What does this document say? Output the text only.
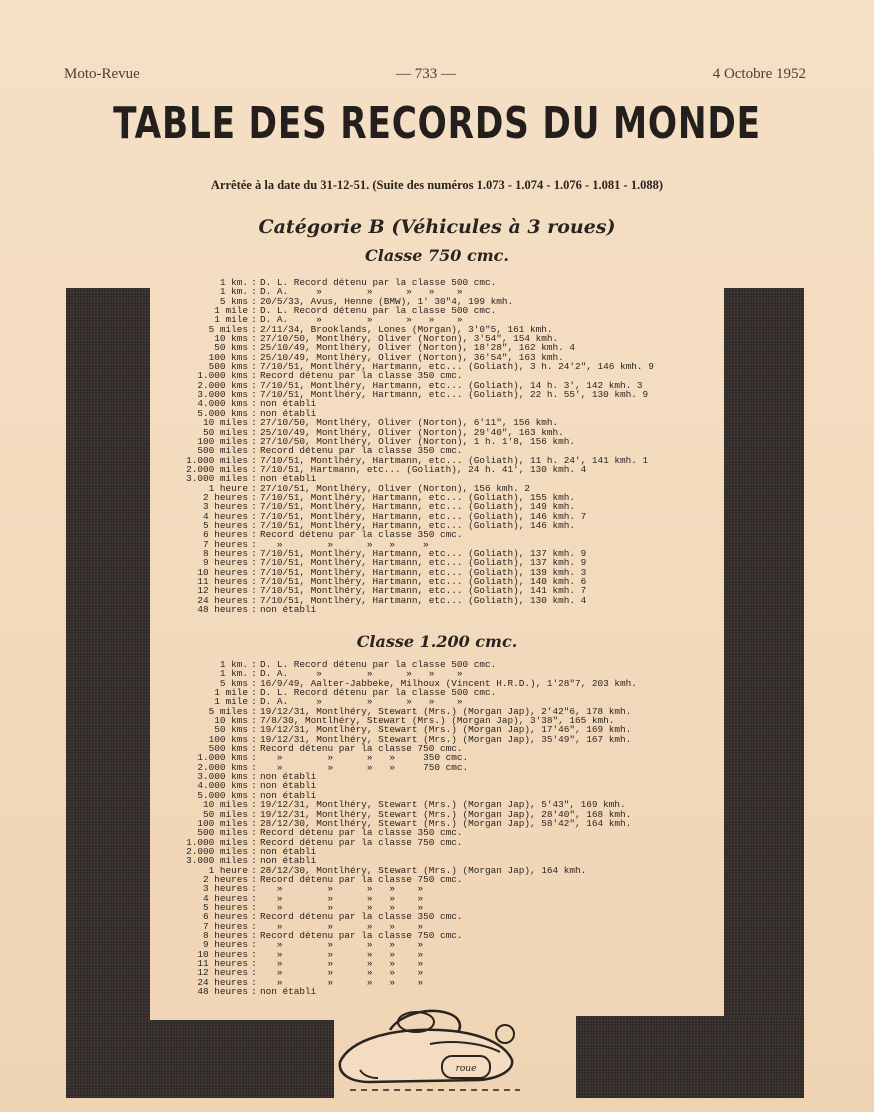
Moto-Revue	— 733 —	4 Octobre 1952
TABLE DES RECORDS DU MONDE
Arrêtée à la date du 31-12-51. (Suite des numéros 1.073 - 1.074 - 1.076 - 1.081 - 1.088)
Catégorie B (Véhicules à 3 roues)
Classe 750 cmc.
1 km. : D. L. Record détenu par la classe 500 cmc.
1 km. : D. A.     »        »      »   »    »
5 kms : 20/5/33, Avus, Henne (BMW), 1' 30"4, 199 kmh.
1 mile : D. L. Record détenu par la classe 500 cmc.
1 mile : D. A.     »        »      »   »    »
5 miles : 2/11/34, Brooklands, Lones (Morgan), 3'0"5, 161 kmh.
10 kms : 27/10/50, Montlhéry, Oliver (Norton), 3'54", 154 kmh.
50 kms : 25/10/49, Montlhéry, Oliver (Norton), 18'28", 162 kmh. 4
100 kms : 25/10/49, Montlhéry, Oliver (Norton), 36'54", 163 kmh.
500 kms : 7/10/51, Montlhéry, Hartmann, etc... (Goliath), 3 h. 24'2", 146 kmh. 9
1.000 kms : Record détenu par la classe 350 cmc.
2.000 kms : 7/10/51, Montlhéry, Hartmann, etc... (Goliath), 14 h. 3', 142 kmh. 3
3.000 kms : 7/10/51, Montlhéry, Hartmann, etc... (Goliath), 22 h. 55', 130 kmh. 9
4.000 kms : non établi
5.000 kms : non établi
10 miles : 27/10/50, Montlhéry, Oliver (Norton), 6'11", 156 kmh.
50 miles : 25/10/49, Montlhéry, Oliver (Norton), 29'40", 163 kmh.
100 miles : 27/10/50, Montlhéry, Oliver (Norton), 1 h. 1'8, 156 kmh.
500 miles : Record détenu par la classe 350 cmc.
1.000 miles : 7/10/51, Montlhéry, Hartmann, etc... (Goliath), 11 h. 24', 141 kmh. 1
2.000 miles : 7/10/51, Hartmann, etc... (Goliath), 24 h. 41', 130 kmh. 4
3.000 miles : non établi
1 heure : 27/10/51, Montlhéry, Oliver (Norton), 156 kmh. 2
2 heures : 7/10/51, Montlhéry, Hartmann, etc... (Goliath), 155 kmh.
3 heures : 7/10/51, Montlhéry, Hartmann, etc... (Goliath), 149 kmh.
4 heures : 7/10/51, Montlhéry, Hartmann, etc... (Goliath), 146 kmh. 7
5 heures : 7/10/51, Montlhéry, Hartmann, etc... (Goliath), 146 kmh.
6 heures : Record détenu par la classe 350 cmc.
7 heures :   »        »      »   »     »
8 heures : 7/10/51, Montlhéry, Hartmann, etc... (Goliath), 137 kmh. 9
9 heures : 7/10/51, Montlhéry, Hartmann, etc... (Goliath), 137 kmh. 9
10 heures : 7/10/51, Montlhéry, Hartmann, etc... (Goliath), 139 kmh. 3
11 heures : 7/10/51, Montlhéry, Hartmann, etc... (Goliath), 140 kmh. 6
12 heures : 7/10/51, Montlhéry, Hartmann, etc... (Goliath), 141 kmh. 7
24 heures : 7/10/51, Montlhéry, Hartmann, etc... (Goliath), 130 kmh. 4
48 heures : non établi
Classe 1.200 cmc.
1 km. : D. L. Record détenu par la classe 500 cmc.
1 km. : D. A.     »        »      »   »    »
5 kms : 16/9/49, Aalter-Jabbeke, Milhoux (Vincent H.R.D.), 1'28"7, 203 kmh.
1 mile : D. L. Record détenu par la classe 500 cmc.
1 mile : D. A.     »        »      »   »    »
5 miles : 19/12/31, Montlhéry, Stewart (Mrs.) (Morgan Jap), 2'42"6, 178 kmh.
10 kms : 7/8/30, Montlhéry, Stewart (Mrs.) (Morgan Jap), 3'38", 165 kmh.
50 kms : 19/12/31, Montlhéry, Stewart (Mrs.) (Morgan Jap), 17'46", 169 kmh.
100 kms : 19/12/31, Montlhéry, Stewart (Mrs.) (Morgan Jap), 35'49", 167 kmh.
500 kms : Record détenu par la classe 750 cmc.
1.000 kms :   »        »      »   »     350 cmc.
2.000 kms :   »        »      »   »     750 cmc.
3.000 kms : non établi
4.000 kms : non établi
5.000 kms : non établi
10 miles : 19/12/31, Montlhéry, Stewart (Mrs.) (Morgan Jap), 5'43", 169 kmh.
50 miles : 19/12/31, Montlhéry, Stewart (Mrs.) (Morgan Jap), 28'40", 168 kmh.
100 miles : 28/12/30, Montlhéry, Stewart (Mrs.) (Morgan Jap), 58'42", 164 kmh.
500 miles : Record détenu par la classe 350 cmc.
1.000 miles : Record détenu par la classe 750 cmc.
2.000 miles : non établi
3.000 miles : non établi
1 heure : 28/12/30, Montlhéry, Stewart (Mrs.) (Morgan Jap), 164 kmh.
2 heures : Record détenu par la classe 750 cmc.
3 heures :   »        »      »   »    »
4 heures :   »        »      »   »    »
5 heures :   »        »      »   »    »
6 heures : Record détenu par la classe 350 cmc.
7 heures :   »        »      »   »    »
8 heures : Record détenu par la classe 750 cmc.
9 heures :   »        »      »   »    »
10 heures :   »        »      »   »    »
11 heures :   »        »      »   »    »
12 heures :   »        »      »   »    »
24 heures :   »        »      »   »    »
48 heures : non établi
roue
